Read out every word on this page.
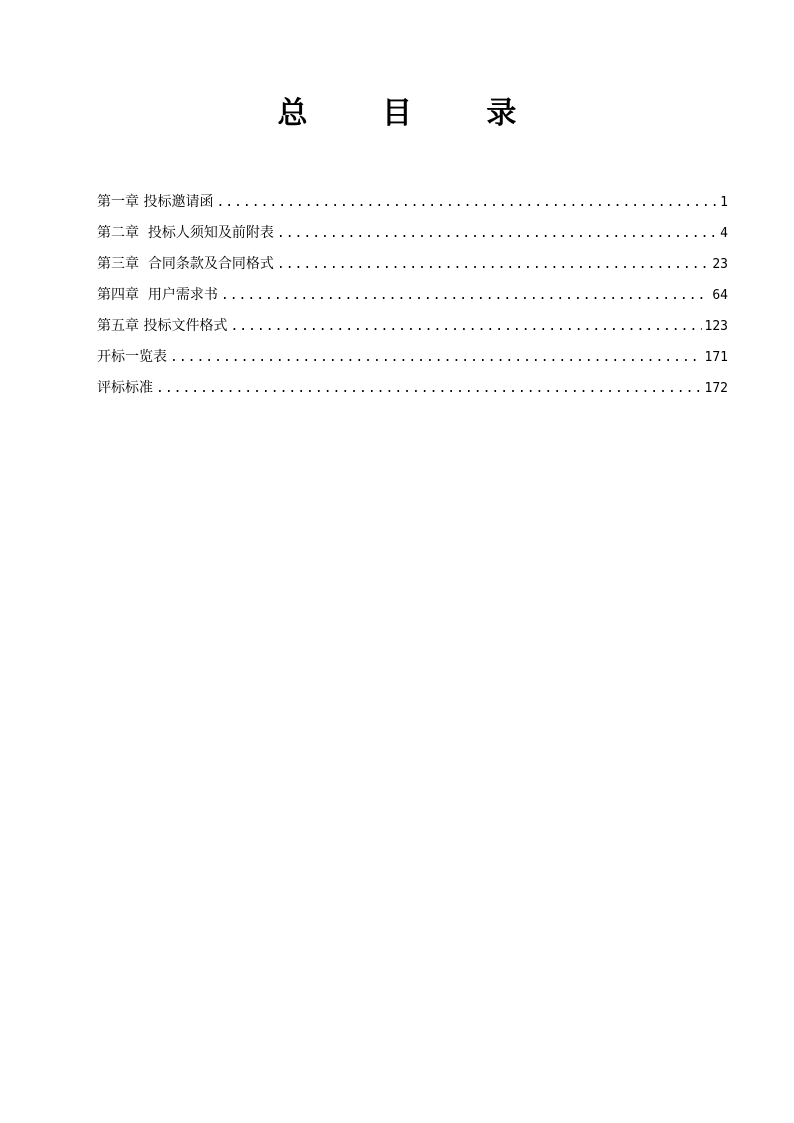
总 目 录
第一章 投标邀请函 .....	1
第二章  投标人须知及前附表 .....	4
第三章  合同条款及合同格式 .....	23
第四章  用户需求书 .....	64
第五章 投标文件格式 .....	123
开标一览表 .....	171
评标标准 .....	172
